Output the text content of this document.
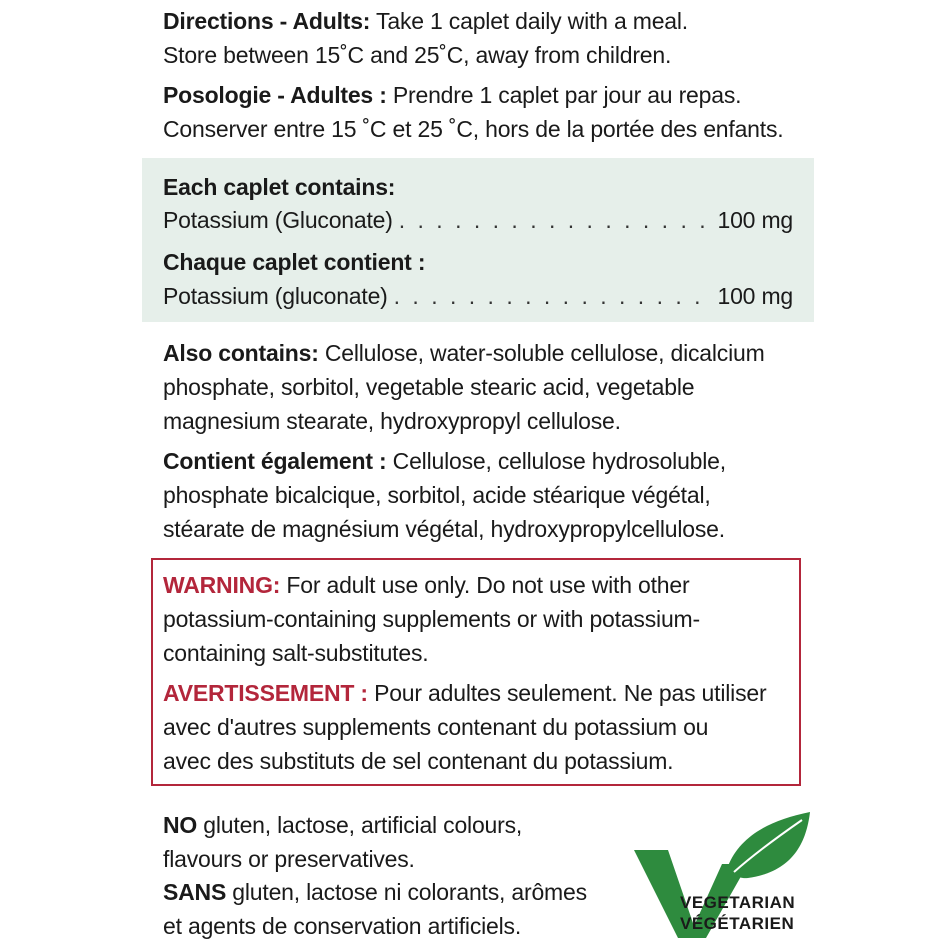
Directions - Adults: Take 1 caplet daily with a meal.
Store between 15˚C and 25˚C, away from children.
Posologie - Adultes : Prendre 1 caplet par jour au repas.
Conserver entre 15 ˚C et 25 ˚C, hors de la portée des enfants.
Each caplet contains:
Potassium (Gluconate) . . .	100 mg
Chaque caplet contient :
Potassium (gluconate) . . .	100 mg
Also contains: Cellulose, water-soluble cellulose, dicalcium
phosphate, sorbitol, vegetable stearic acid, vegetable
magnesium stearate, hydroxypropyl cellulose.
Contient également : Cellulose, cellulose hydrosoluble,
phosphate bicalcique, sorbitol, acide stéarique végétal,
stéarate de magnésium végétal, hydroxypropylcellulose.
WARNING: For adult use only. Do not use with other
potassium-containing supplements or with potassium-
containing salt-substitutes.
AVERTISSEMENT : Pour adultes seulement. Ne pas utiliser
avec d'autres supplements contenant du potassium ou
avec des substituts de sel contenant du potassium.
NO gluten, lactose, artificial colours,
flavours or preservatives.
SANS gluten, lactose ni colorants, arômes
et agents de conservation artificiels.
VEGETARIAN
VÉGÉTARIEN
